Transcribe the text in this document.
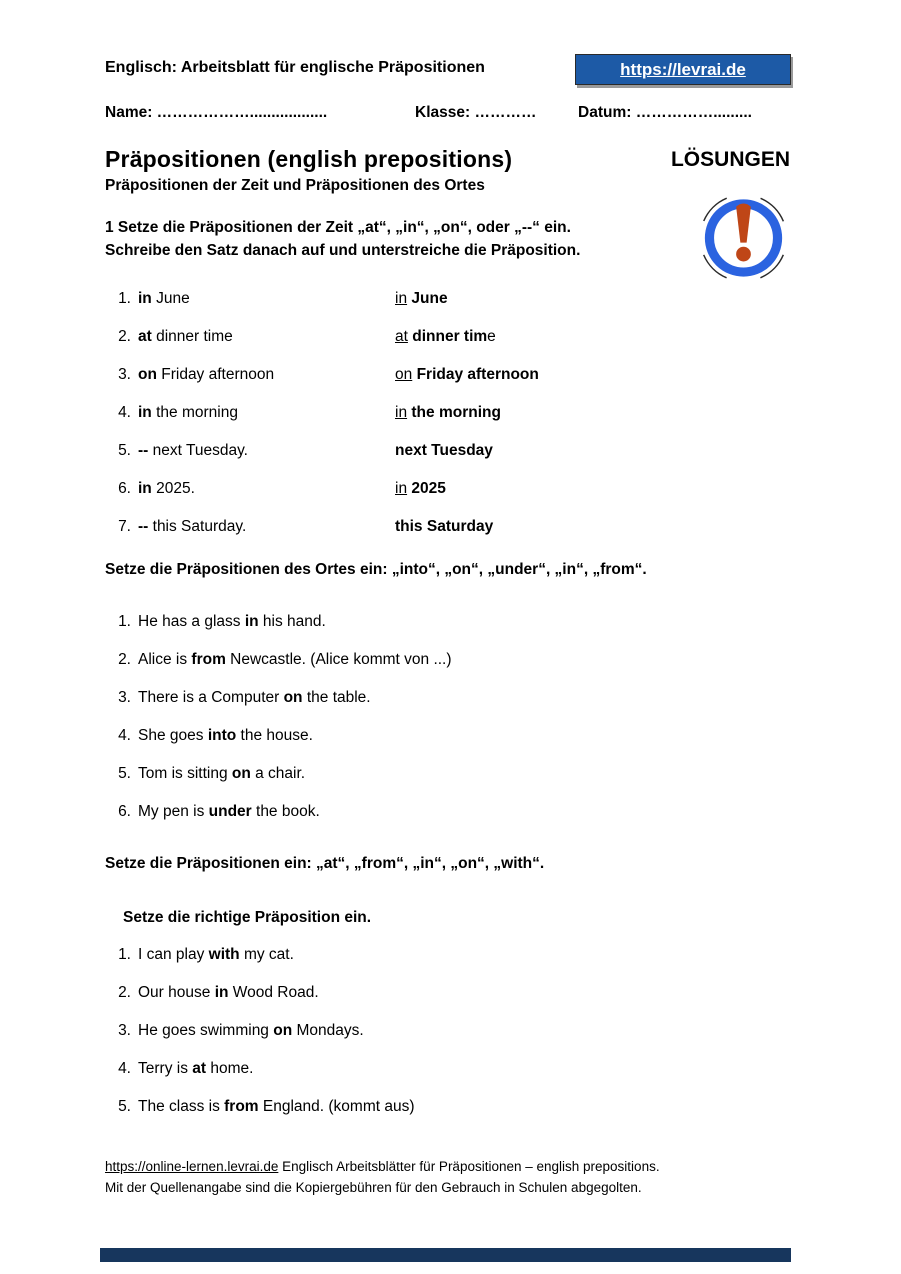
Englisch: Arbeitsblatt für englische Präpositionen	https://levrai.de
Name: ………………..................	Klasse: …………	Datum: …………….........
Präpositionen (english prepositions)	LÖSUNGEN
Präpositionen der Zeit und Präpositionen des Ortes
1 Setze die Präpositionen der Zeit „at“, „in“, „on“, oder „--“ ein.
Schreibe den Satz danach auf und unterstreiche die Präposition.
1. in June	in June
2. at dinner time	at dinner time
3. on Friday afternoon	on Friday afternoon
4. in the morning	in the morning
5. -- next Tuesday.	next Tuesday
6. in 2025.	in 2025
7. -- this Saturday.	this Saturday
Setze die Präpositionen des Ortes ein: „into“, „on“, „under“, „in“, „from“.
1. He has a glass in his hand.
2. Alice is from Newcastle. (Alice kommt von ...)
3. There is a Computer on the table.
4. She goes into the house.
5. Tom is sitting on a chair.
6. My pen is under the book.
Setze die Präpositionen ein: „at“, „from“, „in“, „on“, „with“.
Setze die richtige Präposition ein.
1. I can play with my cat.
2. Our house in Wood Road.
3. He goes swimming on Mondays.
4. Terry is at home.
5. The class is from England. (kommt aus)
https://online-lernen.levrai.de Englisch Arbeitsblätter für Präpositionen – english prepositions.
Mit der Quellenangabe sind die Kopiergebühren für den Gebrauch in Schulen abgegolten.
